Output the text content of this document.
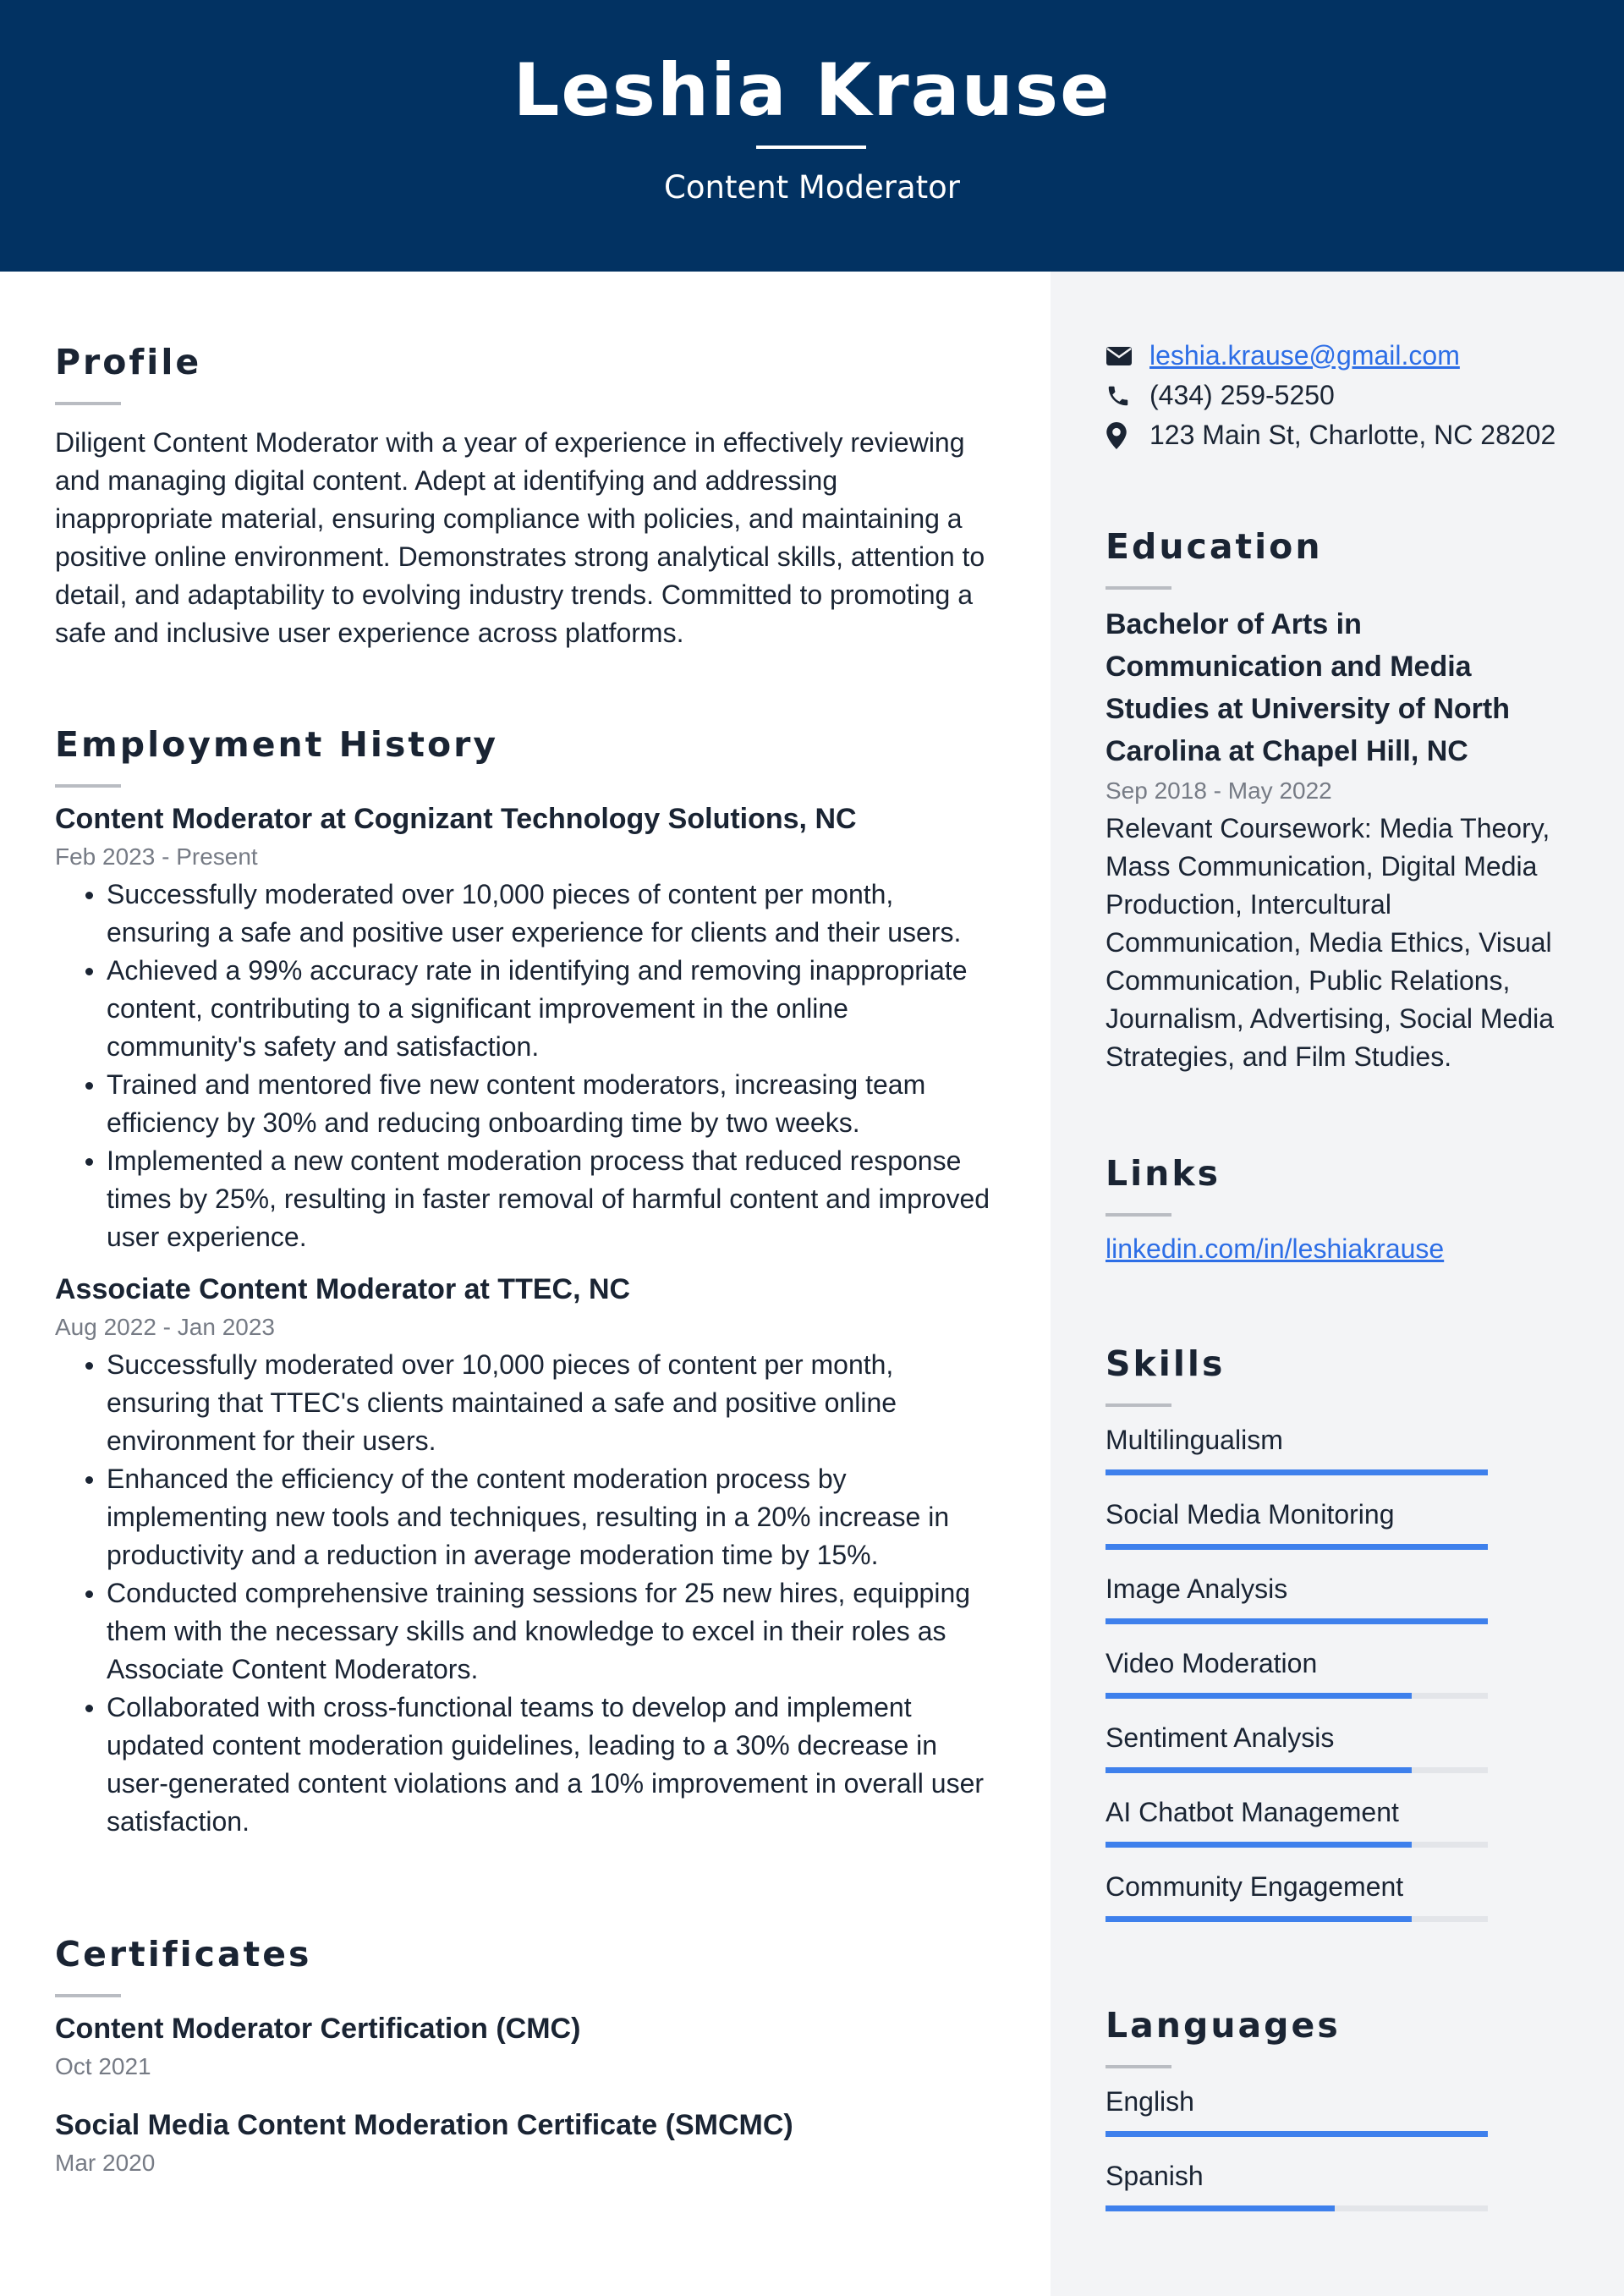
Leshia Krause
Content Moderator
Profile
Diligent Content Moderator with a year of experience in effectively reviewing and managing digital content. Adept at identifying and addressing inappropriate material, ensuring compliance with policies, and maintaining a positive online environment. Demonstrates strong analytical skills, attention to detail, and adaptability to evolving industry trends. Committed to promoting a safe and inclusive user experience across platforms.
Employment History
Content Moderator at Cognizant Technology Solutions, NC
Feb 2023 - Present
Successfully moderated over 10,000 pieces of content per month, ensuring a safe and positive user experience for clients and their users.
Achieved a 99% accuracy rate in identifying and removing inappropriate content, contributing to a significant improvement in the online community's safety and satisfaction.
Trained and mentored five new content moderators, increasing team efficiency by 30% and reducing onboarding time by two weeks.
Implemented a new content moderation process that reduced response times by 25%, resulting in faster removal of harmful content and improved user experience.
Associate Content Moderator at TTEC, NC
Aug 2022 - Jan 2023
Successfully moderated over 10,000 pieces of content per month, ensuring that TTEC's clients maintained a safe and positive online environment for their users.
Enhanced the efficiency of the content moderation process by implementing new tools and techniques, resulting in a 20% increase in productivity and a reduction in average moderation time by 15%.
Conducted comprehensive training sessions for 25 new hires, equipping them with the necessary skills and knowledge to excel in their roles as Associate Content Moderators.
Collaborated with cross-functional teams to develop and implement updated content moderation guidelines, leading to a 30% decrease in user-generated content violations and a 10% improvement in overall user satisfaction.
Certificates
Content Moderator Certification (CMC)
Oct 2021
Social Media Content Moderation Certificate (SMCMC)
Mar 2020
leshia.krause@gmail.com
(434) 259-5250
123 Main St, Charlotte, NC 28202
Education
Bachelor of Arts in Communication and Media Studies at University of North Carolina at Chapel Hill, NC
Sep 2018 - May 2022
Relevant Coursework: Media Theory, Mass Communication, Digital Media Production, Intercultural Communication, Media Ethics, Visual Communication, Public Relations, Journalism, Advertising, Social Media Strategies, and Film Studies.
Links
linkedin.com/in/leshiakrause
Skills
Multilingualism
Social Media Monitoring
Image Analysis
Video Moderation
Sentiment Analysis
AI Chatbot Management
Community Engagement
Languages
English
Spanish
